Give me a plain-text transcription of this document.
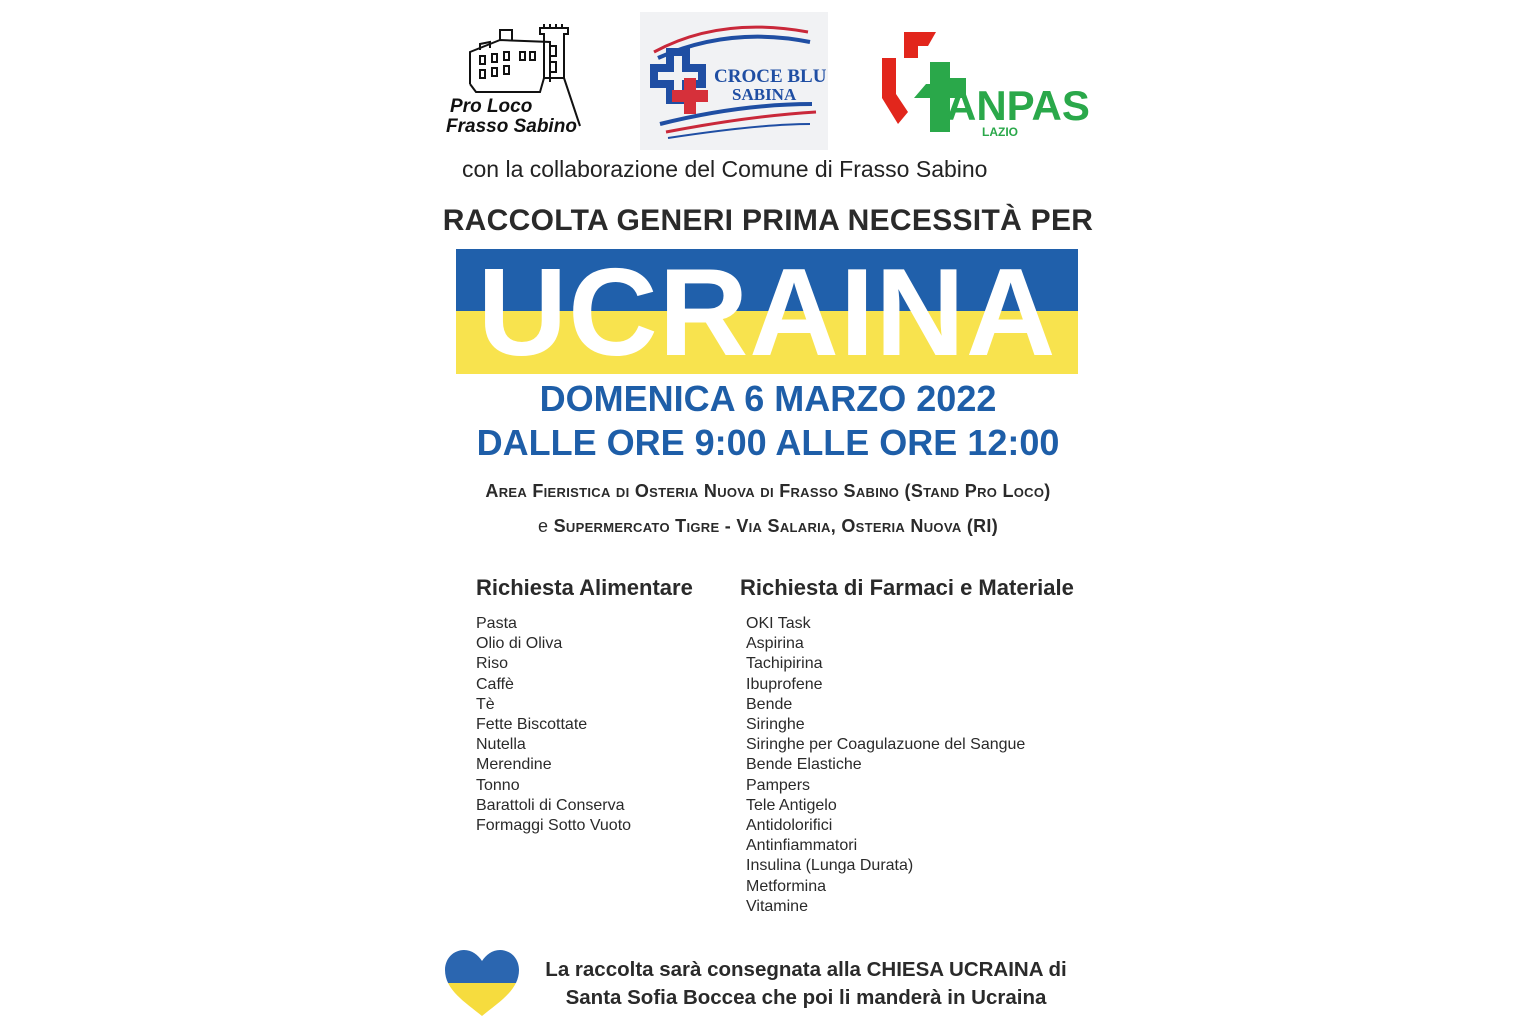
Pro Loco
Frasso Sabino
CROCE BLU
SABINA	ANPAS
LAZIO
con la collaborazione del Comune di Frasso Sabino
RACCOLTA GENERI PRIMA NECESSITÀ PER
UCRAINA
DOMENICA 6 MARZO 2022
DALLE ORE 9:00 ALLE ORE 12:00
Area Fieristica di Osteria Nuova di Frasso Sabino (Stand Pro Loco)
e Supermercato Tigre - Via Salaria, Osteria Nuova (RI)
Richiesta Alimentare
Pasta
Olio di Oliva
Riso
Caffè
Tè
Fette Biscottate
Nutella
Merendine
Tonno
Barattoli di Conserva
Formaggi Sotto Vuoto
Richiesta di Farmaci e Materiale
OKI Task
Aspirina
Tachipirina
Ibuprofene
Bende
Siringhe
Siringhe per Coagulazuone del Sangue
Bende Elastiche
Pampers
Tele Antigelo
Antidolorifici
Antinfiammatori
Insulina (Lunga Durata)
Metformina
Vitamine
La raccolta sarà consegnata alla CHIESA UCRAINA di
Santa Sofia Boccea che poi li manderà in Ucraina
